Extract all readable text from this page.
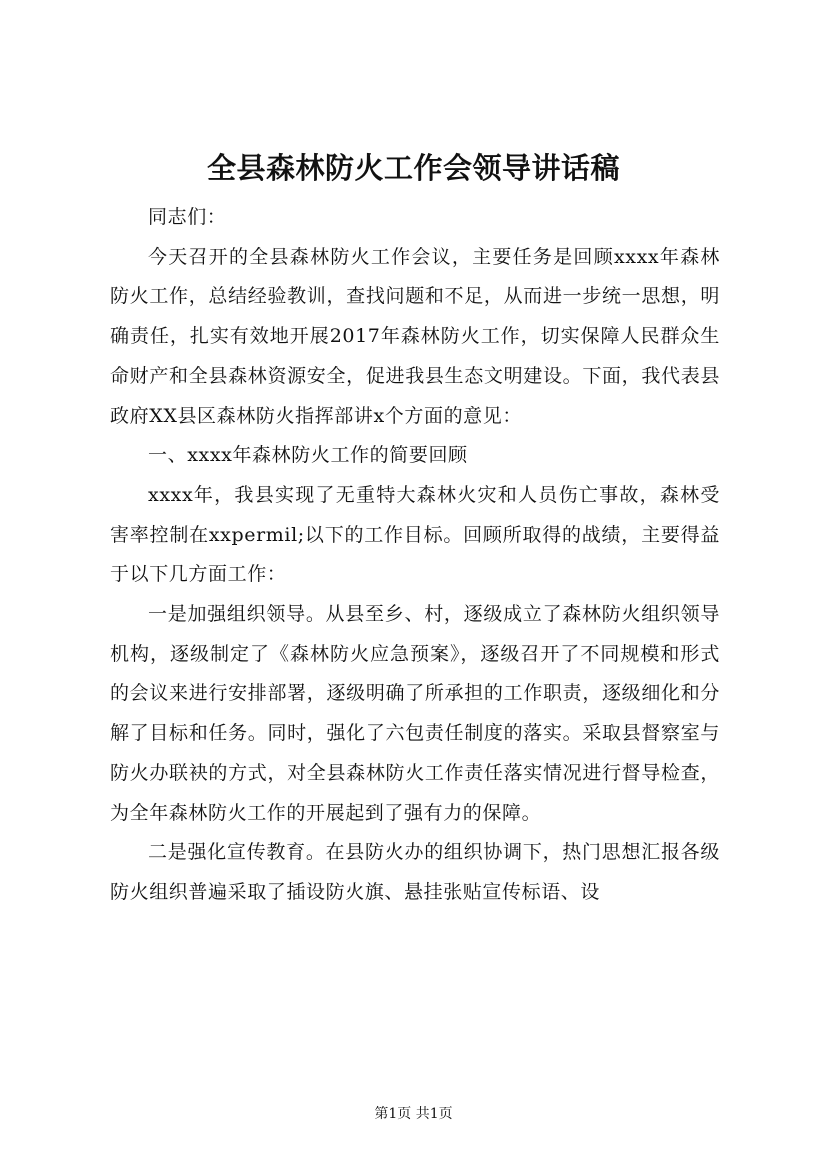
全县森林防火工作会领导讲话稿

同志们：

今天召开的全县森林防火工作会议，主要任务是回顾xxxx年森林防火工作，总结经验教训，查找问题和不足，从而进一步统一思想，明确责任，扎实有效地开展2017年森林防火工作，切实保障人民群众生命财产和全县森林资源安全，促进我县生态文明建设。下面，我代表县政府XX县区森林防火指挥部讲x个方面的意见：

一、xxxx年森林防火工作的简要回顾

xxxx年，我县实现了无重特大森林火灾和人员伤亡事故，森林受害率控制在xxpermil;以下的工作目标。回顾所取得的战绩，主要得益于以下几方面工作：

一是加强组织领导。从县至乡、村，逐级成立了森林防火组织领导机构，逐级制定了《森林防火应急预案》，逐级召开了不同规模和形式的会议来进行安排部署，逐级明确了所承担的工作职责，逐级细化和分解了目标和任务。同时，强化了六包责任制度的落实。采取县督察室与防火办联袂的方式，对全县森林防火工作责任落实情况进行督导检查，为全年森林防火工作的开展起到了强有力的保障。

二是强化宣传教育。在县防火办的组织协调下，热门思想汇报各级防火组织普遍采取了插设防火旗、悬挂张贴宣传标语、设

第1页 共1页
